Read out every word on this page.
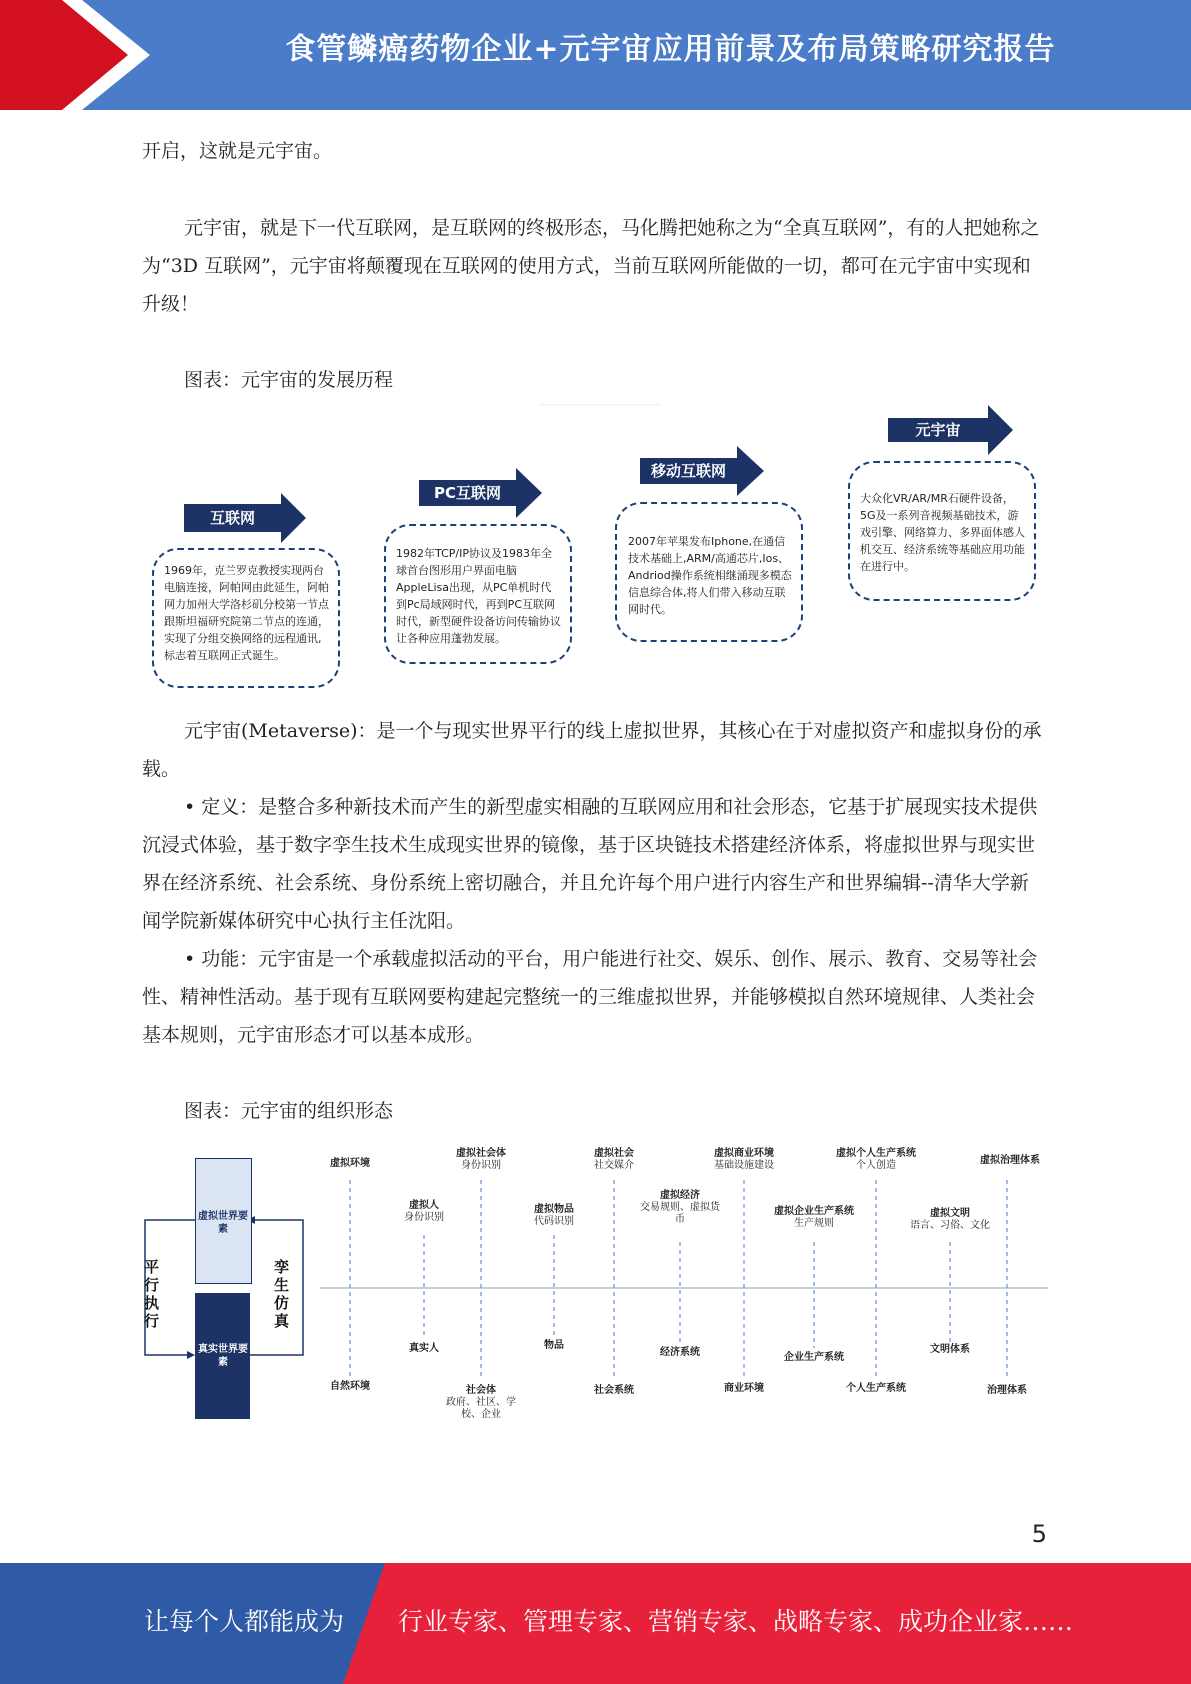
食管鳞癌药物企业+元宇宙应用前景及布局策略研究报告

开启，这就是元宇宙。

元宇宙，就是下一代互联网，是互联网的终极形态，马化腾把她称之为“全真互联网”，有的人把她称之为“3D 互联网”，元宇宙将颠覆现在互联网的使用方式，当前互联网所能做的一切，都可在元宇宙中实现和升级！

图表：元宇宙的发展历程
互联网
PC互联网
移动互联网
元宇宙
1969年，克兰罗克教授实现两台电脑连接，阿帕网由此延生，阿帕网力加州大学洛杉矶分校第一节点跟斯坦福研究院第二节点的连通，实现了分组交换网络的远程通讯,标志着互联网正式诞生。
1982年TCP/IP协议及1983年全球首台图形用户界面电脑AppleLisa出现，从PC单机时代到Pc局域网时代，再到PC互联网时代，新型硬件设备访问传输协议让各种应用蓬勃发展。
2007年苹果发布Iphone,在通信技术基础上,ARM/高通芯片,Ios、Andriod操作系统相继涌现多模态信息综合体,将人们带入移动互联网时代。
大众化VR/AR/MR石硬件设备，5G及一系列音视频基础技术，游戏引擎、网络算力、多界面体感人机交互、经济系统等基础应用功能在进行中。

元宇宙(Metaverse)：是一个与现实世界平行的线上虚拟世界，其核心在于对虚拟资产和虚拟身份的承载。

• 定义：是整合多种新技术而产生的新型虚实相融的互联网应用和社会形态，它基于扩展现实技术提供沉浸式体验，基于数字孪生技术生成现实世界的镜像，基于区块链技术搭建经济体系，将虚拟世界与现实世界在经济系统、社会系统、身份系统上密切融合，并且允许每个用户进行内容生产和世界编辑--清华大学新闻学院新媒体研究中心执行主任沈阳。

• 功能：元宇宙是一个承载虚拟活动的平台，用户能进行社交、娱乐、创作、展示、教育、交易等社会性、精神性活动。基于现有互联网要构建起完整统一的三维虚拟世界，并能够模拟自然环境规律、人类社会基本规则，元宇宙形态才可以基本成形。

图表：元宇宙的组织形态
虚拟世界要素
真实世界要素
平行执行
孪生仿真
虚拟环境
虚拟人
身份识别
虚拟社会体
身份识别
虚拟物品
代码识别
虚拟社会
社交媒介
虚拟经济
交易规则、虚拟货币
虚拟商业环境
基础设施建设
虚拟企业生产系统
生产规则
虚拟个人生产系统
个人创造
虚拟文明
语言、习俗、文化
虚拟治理体系
自然环境
真实人
社会体
政府、社区、学校、企业
物品
社会系统
经济系统
商业环境
企业生产系统
个人生产系统
文明体系
治理体系
5
让每个人都能成为 行业专家、管理专家、营销专家、战略专家、成功企业家……
